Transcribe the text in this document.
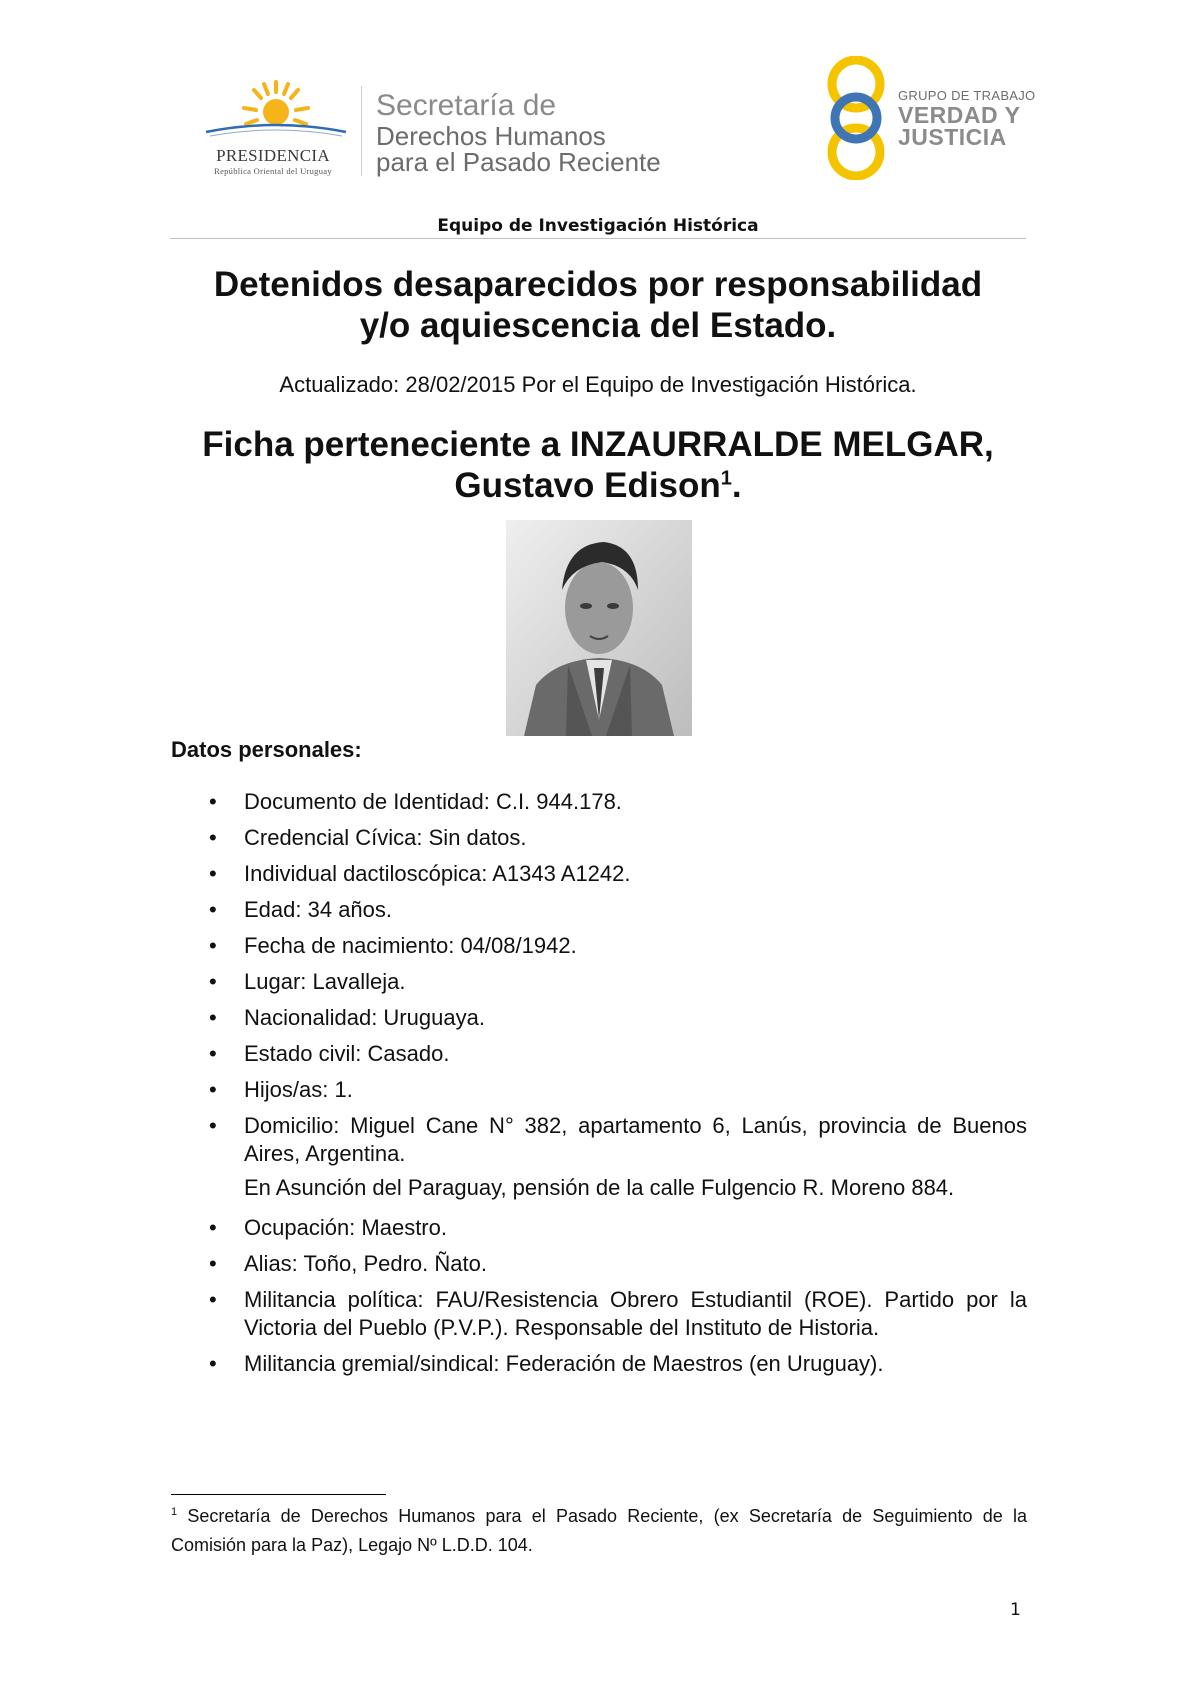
PRESIDENCIA
República Oriental del Uruguay
Secretaría de
Derechos Humanos
para el Pasado Reciente
GRUPO DE TRABAJO
VERDAD Y
JUSTICIA
Equipo de Investigación Histórica
Detenidos desaparecidos por responsabilidad
y/o aquiescencia del Estado.
Actualizado: 28/02/2015 Por el Equipo de Investigación Histórica.
Ficha perteneciente a INZAURRALDE MELGAR,
Gustavo Edison$^1$.
Datos personales:
• Documento de Identidad: C.I. 944.178.
• Credencial Cívica: Sin datos.
• Individual dactiloscópica: A1343 A1242.
• Edad: 34 años.
• Fecha de nacimiento: 04/08/1942.
• Lugar: Lavalleja.
• Nacionalidad: Uruguaya.
• Estado civil: Casado.
• Hijos/as: 1.
• Domicilio: Miguel Cane N° 382, apartamento 6, Lanús, provincia de Buenos Aires, Argentina.
En Asunción del Paraguay, pensión de la calle Fulgencio R. Moreno 884.
• Ocupación: Maestro.
• Alias: Toño, Pedro. Ñato.
• Militancia política: FAU/Resistencia Obrero Estudiantil (ROE). Partido por la Victoria del Pueblo (P.V.P.). Responsable del Instituto de Historia.
• Militancia gremial/sindical: Federación de Maestros (en Uruguay).
$^1$ Secretaría de Derechos Humanos para el Pasado Reciente, (ex Secretaría de Seguimiento de la Comisión para la Paz), Legajo Nº L.D.D. 104.
1
